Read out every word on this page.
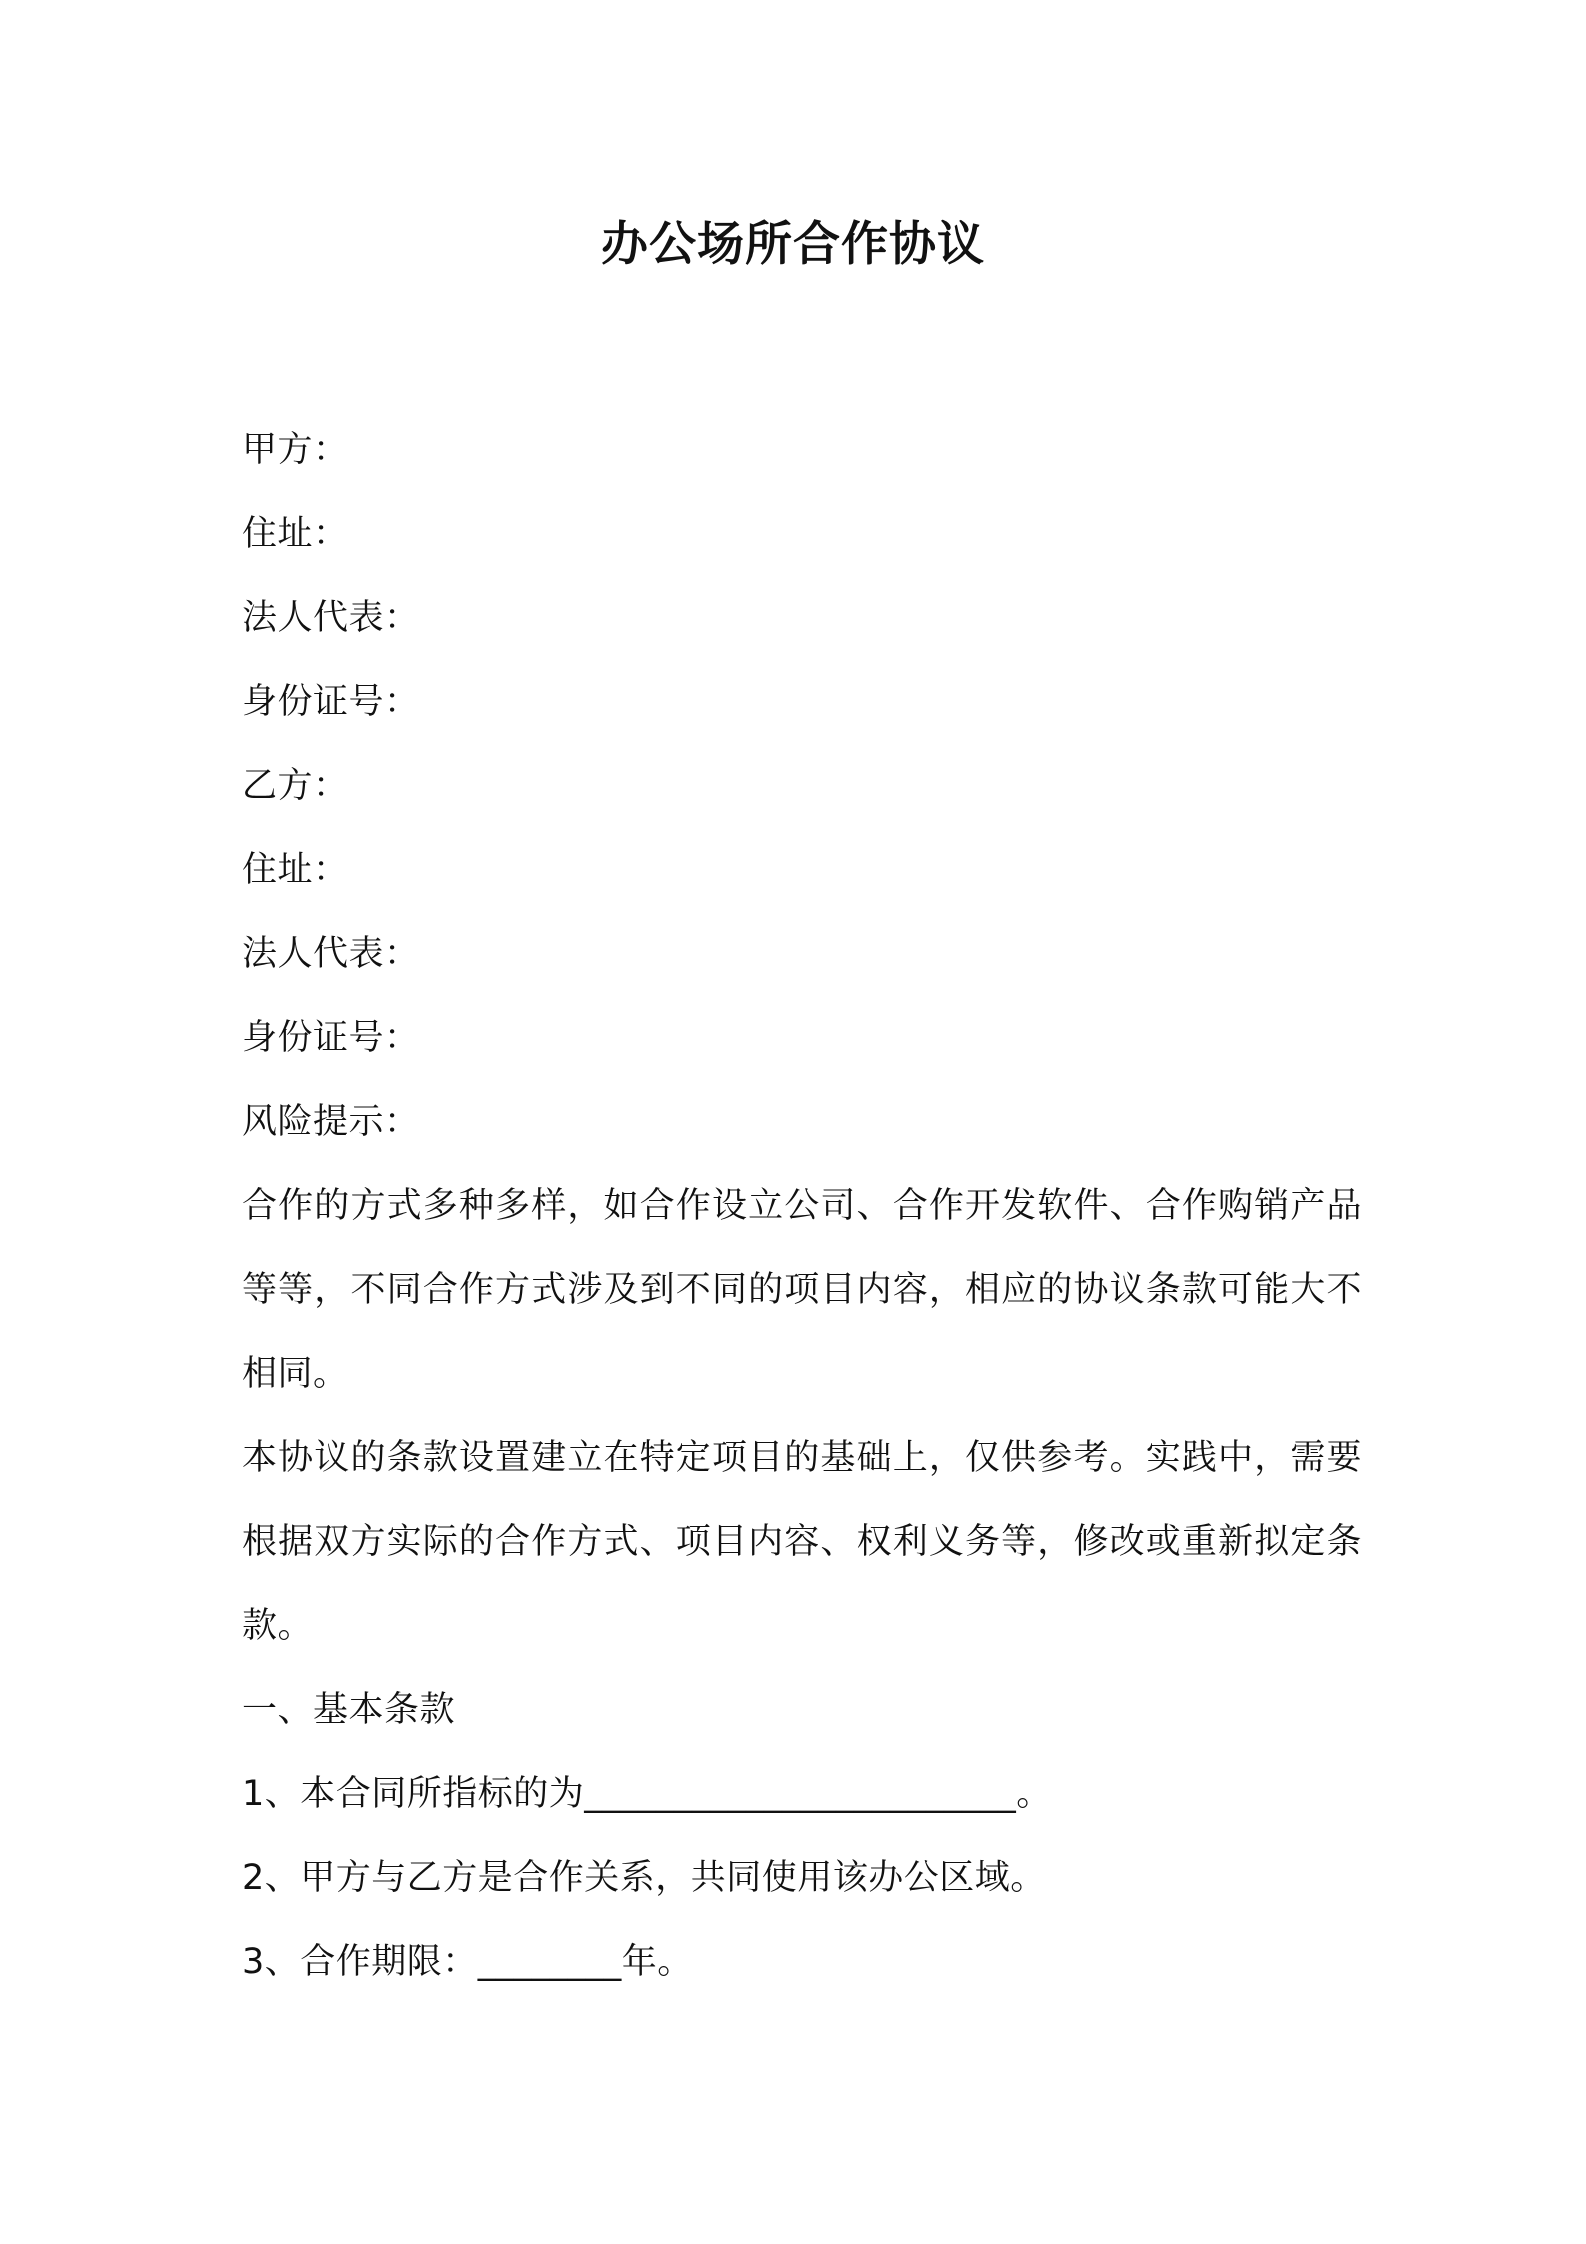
办公场所合作协议
甲方：
住址：
法人代表：
身份证号：
乙方：
住址：
法人代表：
身份证号：
风险提示：
合作的方式多种多样，如合作设立公司、合作开发软件、合作购销产品等等，不同合作方式涉及到不同的项目内容，相应的协议条款可能大不相同。
本协议的条款设置建立在特定项目的基础上，仅供参考。实践中，需要根据双方实际的合作方式、项目内容、权利义务等，修改或重新拟定条款。
一、基本条款
1、本合同所指标的为________________________。
2、甲方与乙方是合作关系，共同使用该办公区域。
3、合作期限：________年。
